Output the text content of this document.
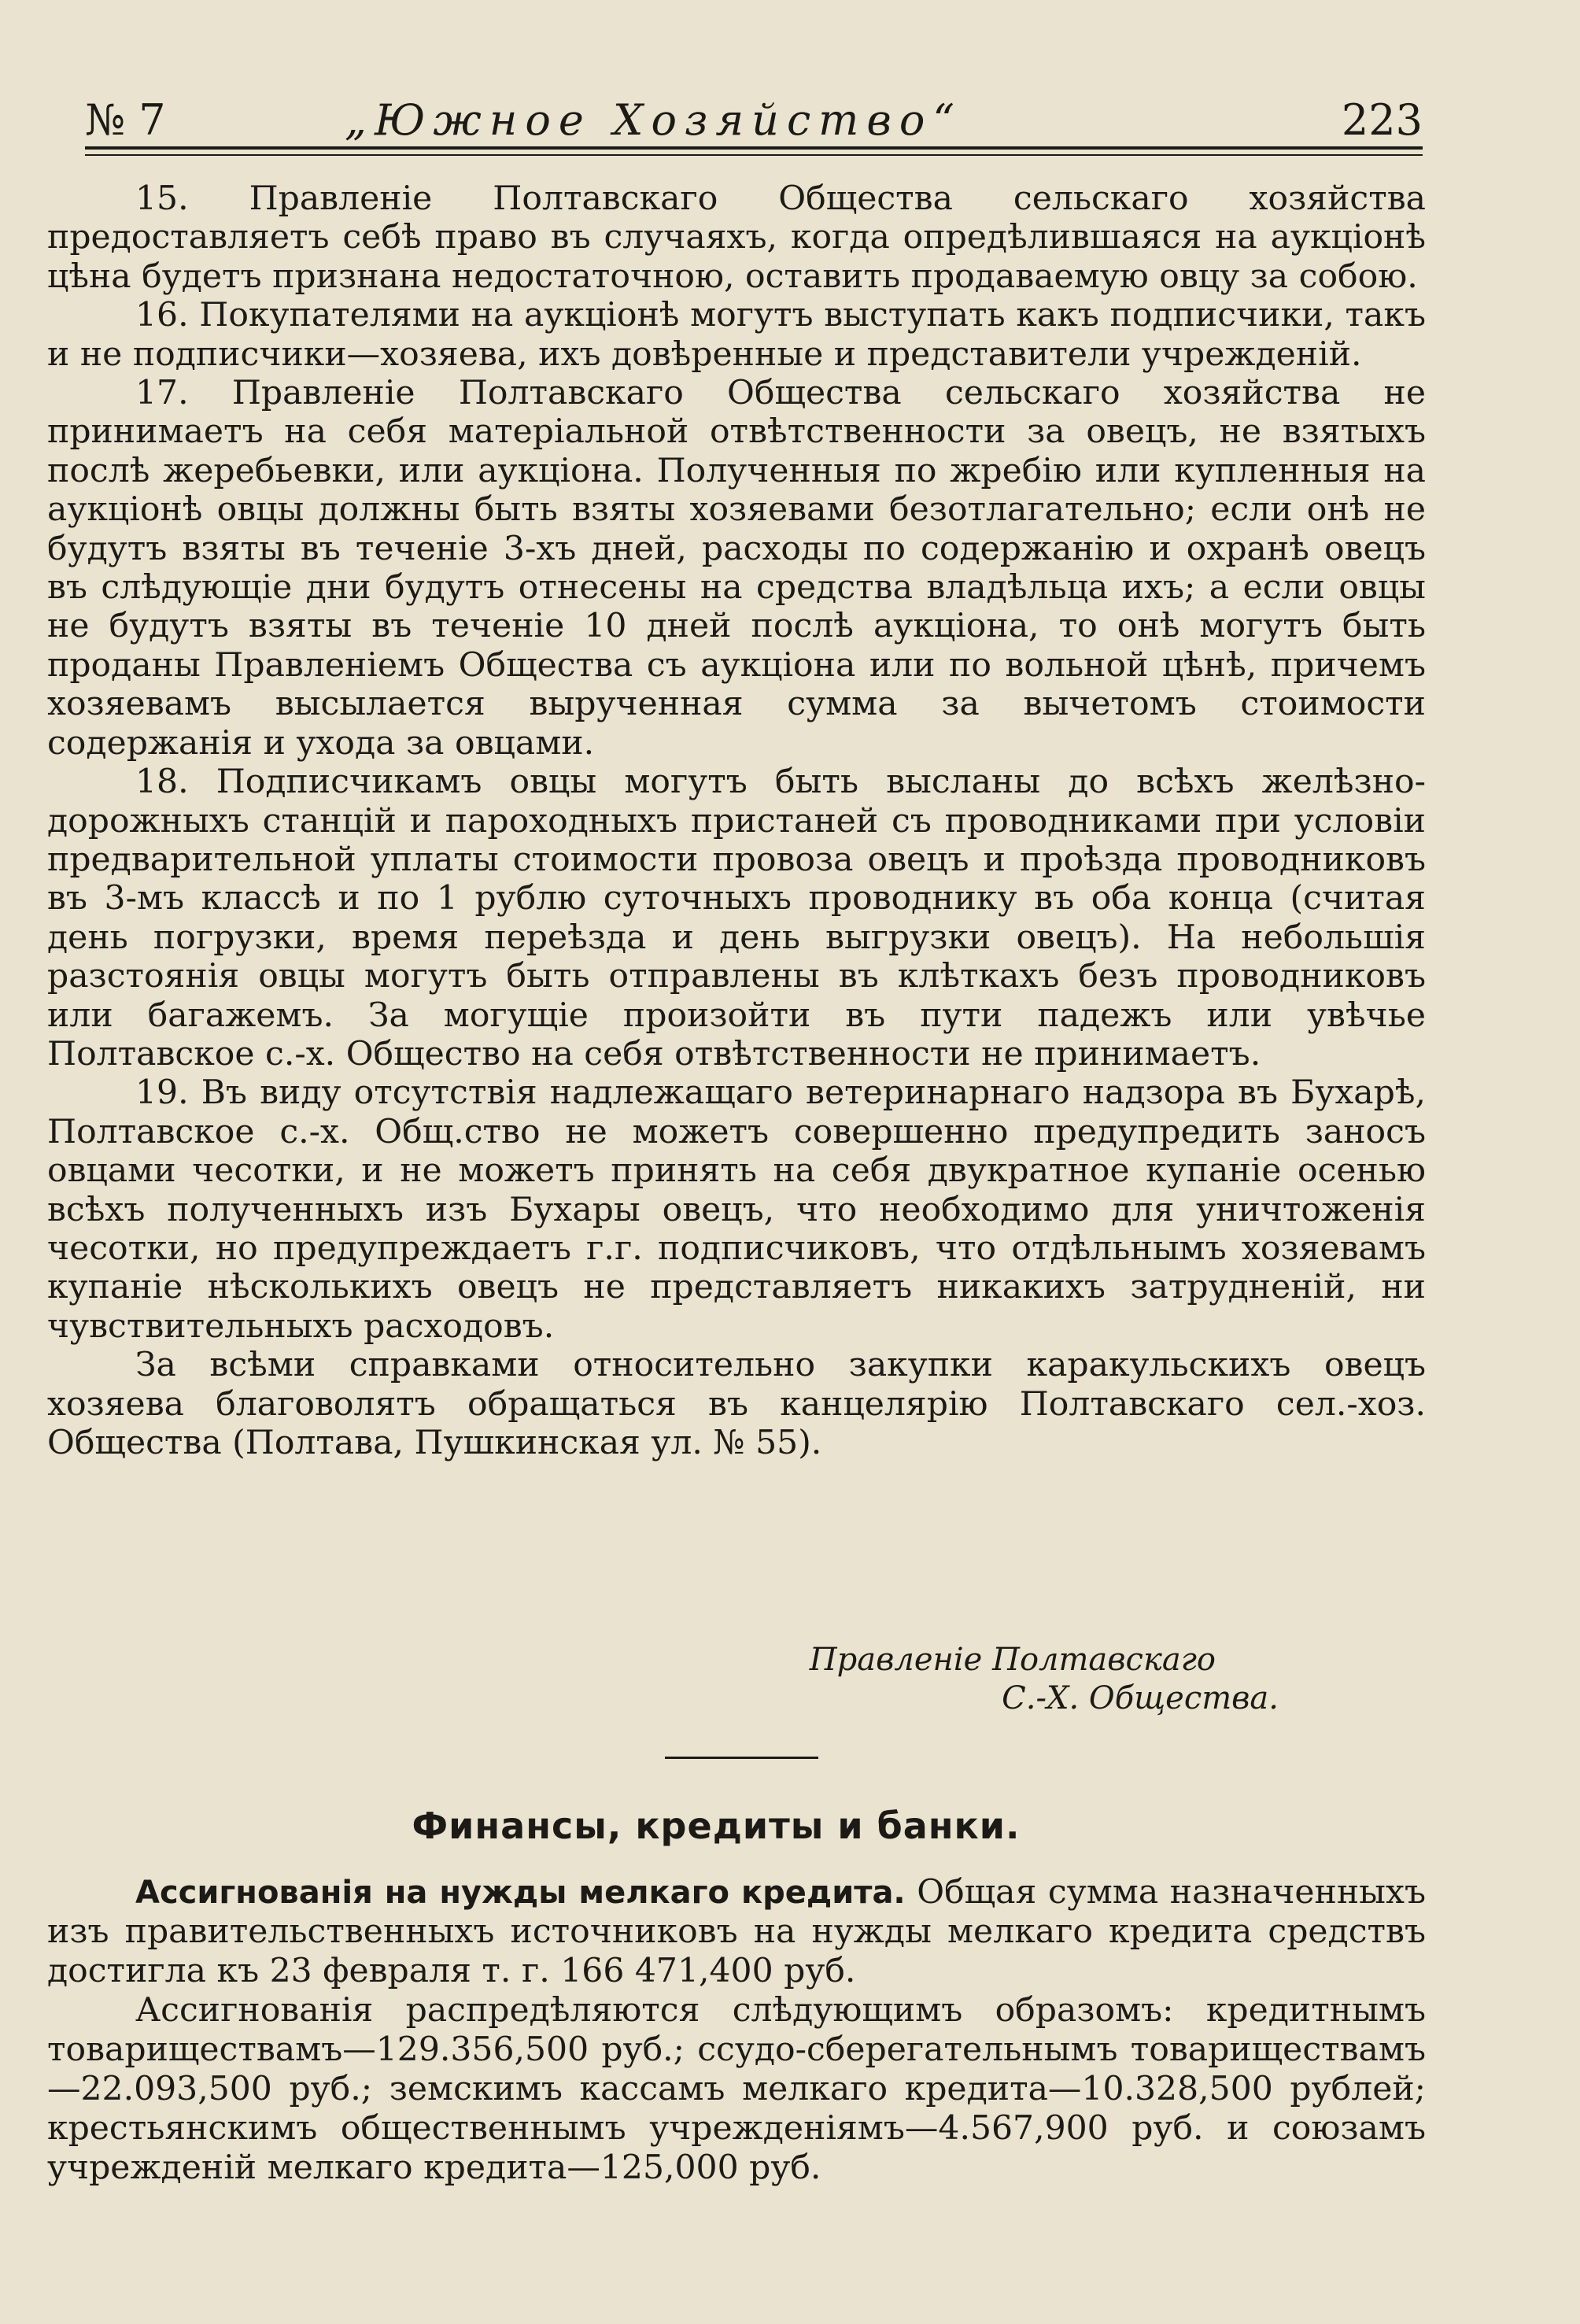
№ 7	„Южное Хозяйство“	223

15. Правленіе Полтавскаго Общества сельскаго хозяйства предоставляетъ себѣ право въ случаяхъ, когда опредѣлившаяся на аукціонѣ цѣна будетъ признана недостаточною, оставить продаваемую овцу за собою.

16. Покупателями на аукціонѣ могутъ выступать какъ подписчики, такъ и не подписчики—хозяева, ихъ довѣренные и представители учрежденій.

17. Правленіе Полтавскаго Общества сельскаго хозяйства не принимаетъ на себя матеріальной отвѣтственности за овецъ, не взятыхъ послѣ жеребьевки, или аукціона. Полученныя по жребію или купленныя на аукціонѣ овцы должны быть взяты хозяевами безотлагательно; если онѣ не будутъ взяты въ теченіе 3-хъ дней, расходы по содержанію и охранѣ овецъ въ слѣдующіе дни будутъ отнесены на средства владѣльца ихъ; а если овцы не будутъ взяты въ теченіе 10 дней послѣ аукціона, то онѣ могутъ быть проданы Правленіемъ Общества съ аукціона или по вольной цѣнѣ, причемъ хозяевамъ высылается вырученная сумма за вычетомъ стоимости содержанія и ухода за овцами.

18. Подписчикамъ овцы могутъ быть высланы до всѣхъ желѣзно-дорожныхъ станцій и пароходныхъ пристаней съ проводниками при условіи предварительной уплаты стоимости провоза овецъ и проѣзда проводниковъ въ 3-мъ классѣ и по 1 рублю суточныхъ проводнику въ оба конца (считая день погрузки, время переѣзда и день выгрузки овецъ). На небольшія разстоянія овцы могутъ быть отправлены въ клѣткахъ безъ проводниковъ или багажемъ. За могущіе произойти въ пути падежъ или увѣчье Полтавское с.-х. Общество на себя отвѣтственности не принимаетъ.

19. Въ виду отсутствія надлежащаго ветеринарнаго надзора въ Бухарѣ, Полтавское с.-х. Общ.ство не можетъ совершенно предупредить заносъ овцами чесотки, и не можетъ принять на себя двукратное купаніе осенью всѣхъ полученныхъ изъ Бухары овецъ, что необходимо для уничтоженія чесотки, но предупреждаетъ г.г. подписчиковъ, что отдѣльнымъ хозяевамъ купаніе нѣсколькихъ овецъ не представляетъ никакихъ затрудненій, ни чувствительныхъ расходовъ.

За всѣми справками относительно закупки каракульскихъ овецъ хозяева благоволятъ обращаться въ канцелярію Полтавскаго сел.-хоз. Общества (Полтава, Пушкинская ул. № 55).

Правленіе Полтавскаго
С.-Х. Общества.
Финансы, кредиты и банки.

Ассигнованія на нужды мелкаго кредита. Общая сумма назначенныхъ изъ правительственныхъ источниковъ на нужды мелкаго кредита средствъ достигла къ 23 февраля т. г. 166 471,400 руб.

Ассигнованія распредѣляются слѣдующимъ образомъ: кредитнымъ товариществамъ—129.356,500 руб.; ссудо-сберегательнымъ товариществамъ—22.093,500 руб.; земскимъ кассамъ мелкаго кредита—10.328,500 рублей; крестьянскимъ общественнымъ учрежденіямъ—4.567,900 руб. и союзамъ учрежденій мелкаго кредита—125,000 руб.
